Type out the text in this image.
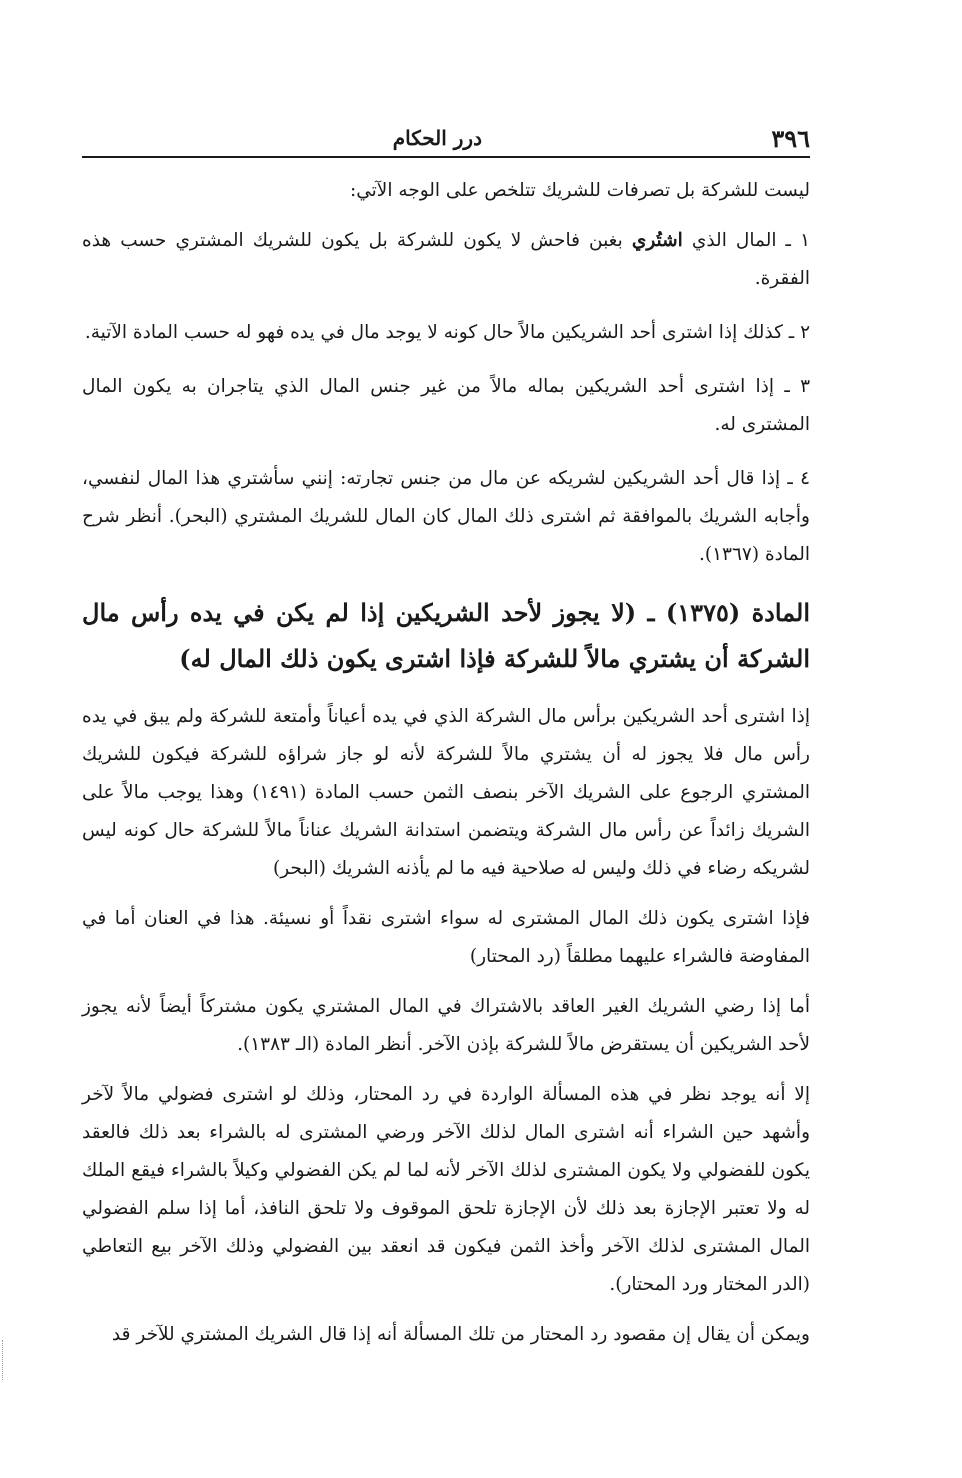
٣٩٦
درر الحكام

ليست للشركة بل تصرفات للشريك تتلخص على الوجه الآتي:

١ ـ المال الذي اشتُري بغبن فاحش لا يكون للشركة بل يكون للشريك المشتري حسب هذه الفقرة.

٢ ـ كذلك إذا اشترى أحد الشريكين مالاً حال كونه لا يوجد مال في يده فهو له حسب المادة الآتية.

٣ ـ إذا اشترى أحد الشريكين بماله مالاً من غير جنس المال الذي يتاجران به يكون المال المشترى له.

٤ ـ إذا قال أحد الشريكين لشريكه عن مال من جنس تجارته: إنني سأشتري هذا المال لنفسي، وأجابه الشريك بالموافقة ثم اشترى ذلك المال كان المال للشريك المشتري (البحر). أنظر شرح المادة (١٣٦٧).

المادة (١٣٧٥) ـ (لا يجوز لأحد الشريكين إذا لم يكن في يده رأس مال الشركة أن يشتري مالاً للشركة فإذا اشترى يكون ذلك المال له)

إذا اشترى أحد الشريكين برأس مال الشركة الذي في يده أعياناً وأمتعة للشركة ولم يبق في يده رأس مال فلا يجوز له أن يشتري مالاً للشركة لأنه لو جاز شراؤه للشركة فيكون للشريك المشتري الرجوع على الشريك الآخر بنصف الثمن حسب المادة (١٤٩١) وهذا يوجب مالاً على الشريك زائداً عن رأس مال الشركة ويتضمن استدانة الشريك عناناً مالاً للشركة حال كونه ليس لشريكه رضاء في ذلك وليس له صلاحية فيه ما لم يأذنه الشريك (البحر)

فإذا اشترى يكون ذلك المال المشترى له سواء اشترى نقداً أو نسيئة. هذا في العنان أما في المفاوضة فالشراء عليهما مطلقاً (رد المحتار)

أما إذا رضي الشريك الغير العاقد بالاشتراك في المال المشتري يكون مشتركاً أيضاً لأنه يجوز لأحد الشريكين أن يستقرض مالاً للشركة بإذن الآخر. أنظر المادة (الـ ١٣٨٣).

إلا أنه يوجد نظر في هذه المسألة الواردة في رد المحتار، وذلك لو اشترى فضولي مالاً لآخر وأشهد حين الشراء أنه اشترى المال لذلك الآخر ورضي المشترى له بالشراء بعد ذلك فالعقد يكون للفضولي ولا يكون المشترى لذلك الآخر لأنه لما لم يكن الفضولي وكيلاً بالشراء فيقع الملك له ولا تعتبر الإجازة بعد ذلك لأن الإجازة تلحق الموقوف ولا تلحق النافذ، أما إذا سلم الفضولي المال المشترى لذلك الآخر وأخذ الثمن فيكون قد انعقد بين الفضولي وذلك الآخر بيع التعاطي (الدر المختار ورد المحتار).

ويمكن أن يقال إن مقصود رد المحتار من تلك المسألة أنه إذا قال الشريك المشتري للآخر قد
